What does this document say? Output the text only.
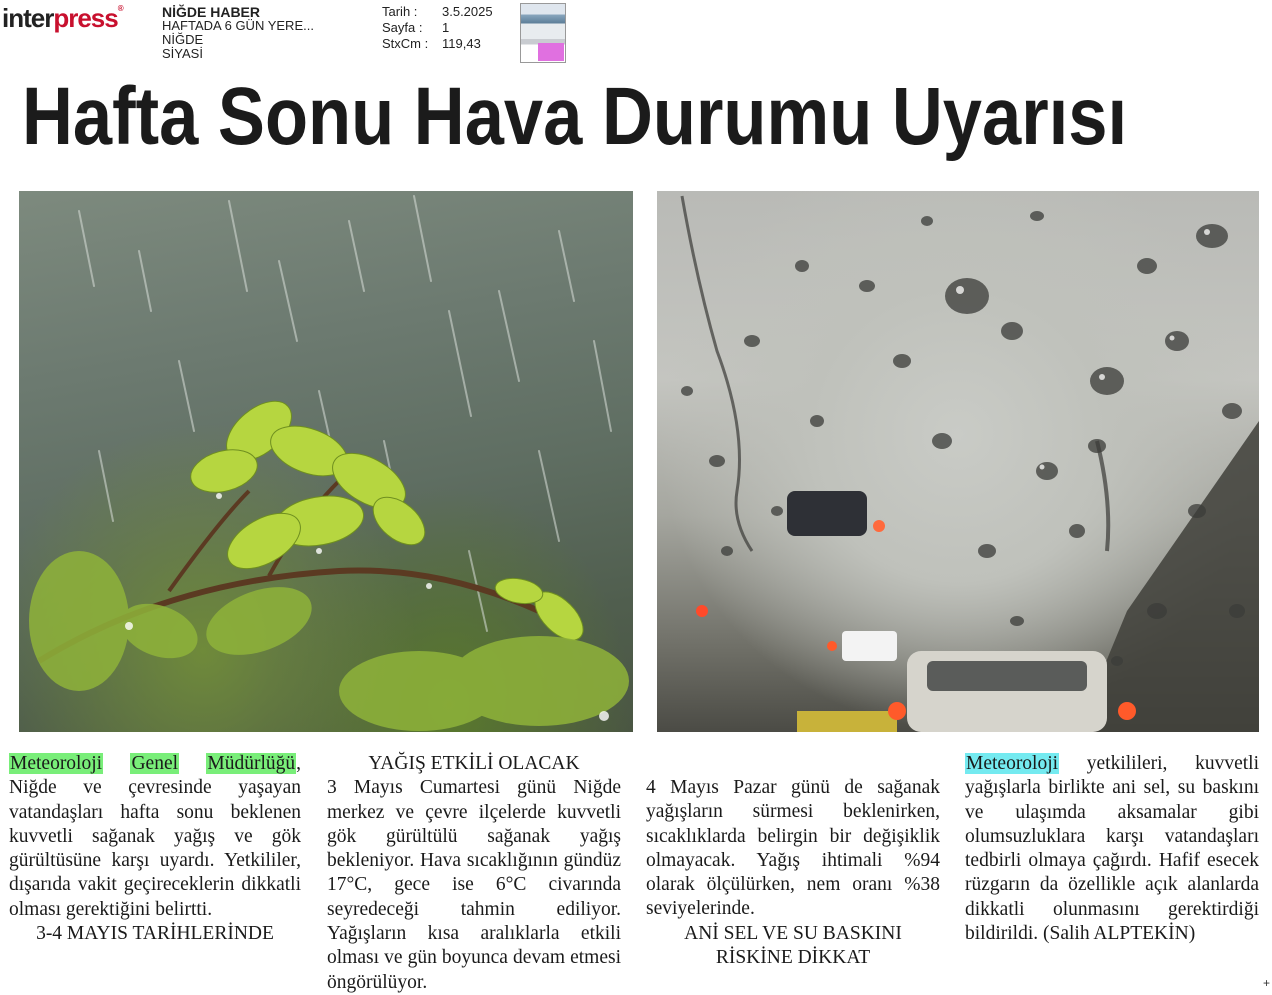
interpress®	NİĞDE HABER
HAFTADA 6 GÜN YERE...
NİĞDE
SİYASİ
Tarih :	3.5.2025
Sayfa :	1
StxCm :	119,43
Hafta Sonu Hava Durumu Uyarısı

Meteoroloji Genel Müdürlüğü, Niğde ve çevresinde yaşayan vatandaşları hafta sonu beklenen kuvvetli sağanak yağış ve gök gürültüsüne karşı uyardı. Yetkililer, dışarıda vakit geçireceklerin dikkatli olması gerektiğini belirtti.

3-4 MAYIS TARİHLERİNDE

YAĞIŞ ETKİLİ OLACAK

3 Mayıs Cumartesi günü Niğde merkez ve çevre ilçelerde kuvvetli gök gürültülü sağanak yağış bekleniyor. Hava sıcaklığının gündüz 17°C, gece ise 6°C civarında seyredeceği tahmin ediliyor. Yağışların kısa aralıklarla etkili olması ve gün boyunca devam etmesi öngörülüyor.

4 Mayıs Pazar günü de sağanak yağışların sürmesi beklenirken, sıcaklıklarda belirgin bir değişiklik olmayacak. Yağış ihtimali %94 olarak ölçülürken, nem oranı %38 seviyelerinde.

ANİ SEL VE SU BASKINI

RİSKİNE DİKKAT

Meteoroloji yetkilileri, kuvvetli yağışlarla birlikte ani sel, su baskını ve ulaşımda aksamalar gibi olumsuzluklara karşı vatandaşları tedbirli olmaya çağırdı. Hafif esecek rüzgarın da özellikle açık alanlarda dikkatli olunmasını gerektirdiği bildirildi. (Salih ALPTEKİN)

+
